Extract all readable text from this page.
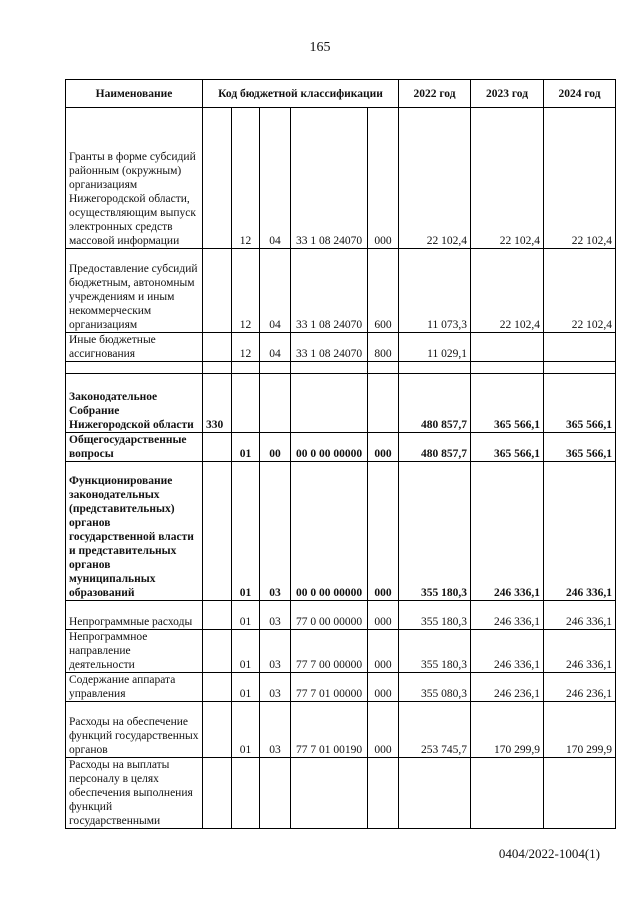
165
Наименование	Код бюджетной классификации					2022 год	2023 год	2024 год
Гранты в форме субсидий районным (окружным) организациям Нижегородской области, осуществляющим выпуск электронных средств массовой информации		12	04	33 1 08 24070	000	22 102,4	22 102,4	22 102,4
Предоставление субсидий бюджетным, автономным учреждениям и иным некоммерческим организациям		12	04	33 1 08 24070	600	11 073,3	22 102,4	22 102,4
Иные бюджетные ассигнования		12	04	33 1 08 24070	800	11 029,1		

Законодательное Собрание Нижегородской области	330					480 857,7	365 566,1	365 566,1
Общегосударственные вопросы		01	00	00 0 00 00000	000	480 857,7	365 566,1	365 566,1
Функционирование законодательных (представительных) органов государственной власти и представительных органов муниципальных образований		01	03	00 0 00 00000	000	355 180,3	246 336,1	246 336,1
Непрограммные расходы		01	03	77 0 00 00000	000	355 180,3	246 336,1	246 336,1
Непрограммное направление деятельности		01	03	77 7 00 00000	000	355 180,3	246 336,1	246 336,1
Содержание аппарата управления		01	03	77 7 01 00000	000	355 080,3	246 236,1	246 236,1
Расходы на обеспечение функций государственных органов		01	03	77 7 01 00190	000	253 745,7	170 299,9	170 299,9
Расходы на выплаты персоналу в целях обеспечения выполнения функций государственными								
0404/2022-1004(1)
